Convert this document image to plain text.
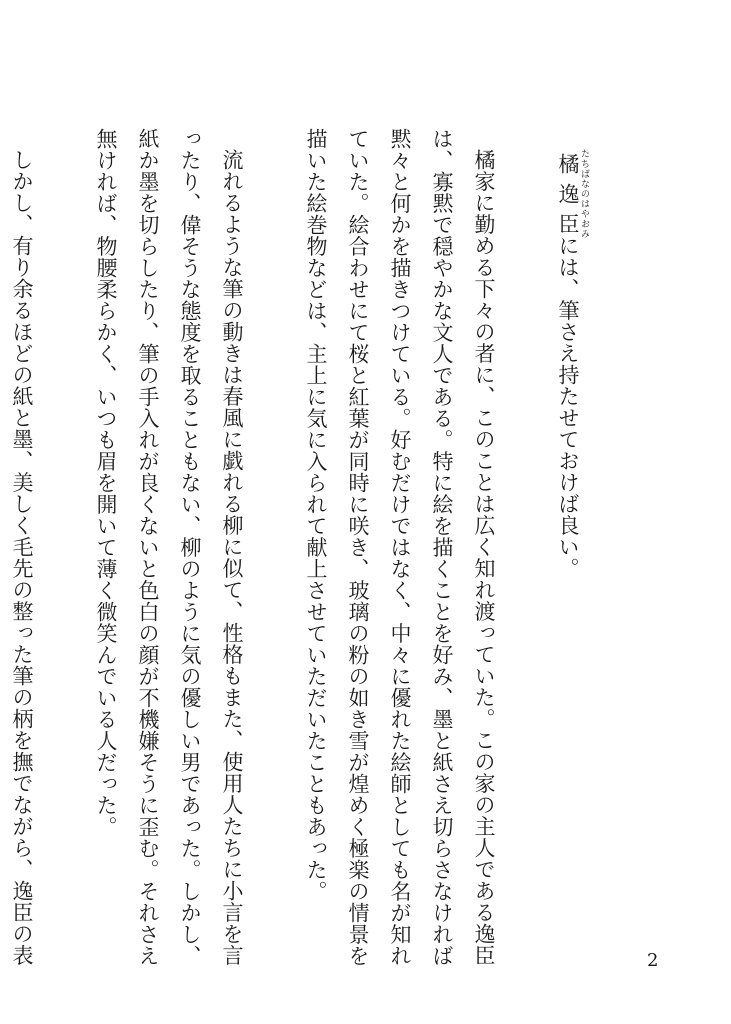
橘逸臣 たちばなのはやおみには、筆さえ持たせておけば良い。

橘家に勤める下々の者に、このことは広く知れ渡っていた。この家の主人である逸臣は、寡黙で穏やかな文人である。特に絵を描くことを好み、墨と紙さえ切らさなければ黙々と何かを描きつけている。好むだけではなく、中々に優れた絵師としても名が知れていた。絵合わせにて桜と紅葉が同時に咲き、玻璃の粉の如き雪が煌めく極楽の情景を描いた絵巻物などは、主上に気に入られて献上させていただいたこともあった。

流れるような筆の動きは春風に戯れる柳に似て、性格もまた、使用人たちに小言を言ったり、偉そうな態度を取ることもない、柳のように気の優しい男であった。しかし、紙か墨を切らしたり、筆の手入れが良くないと色白の顔が不機嫌そうに歪む。それさえ無ければ、物腰柔らかく、いつも眉を開いて薄く微笑んでいる人だった。

しかし、有り余るほどの紙と墨、美しく毛先の整った筆の柄を撫でながら、逸臣の表	2
